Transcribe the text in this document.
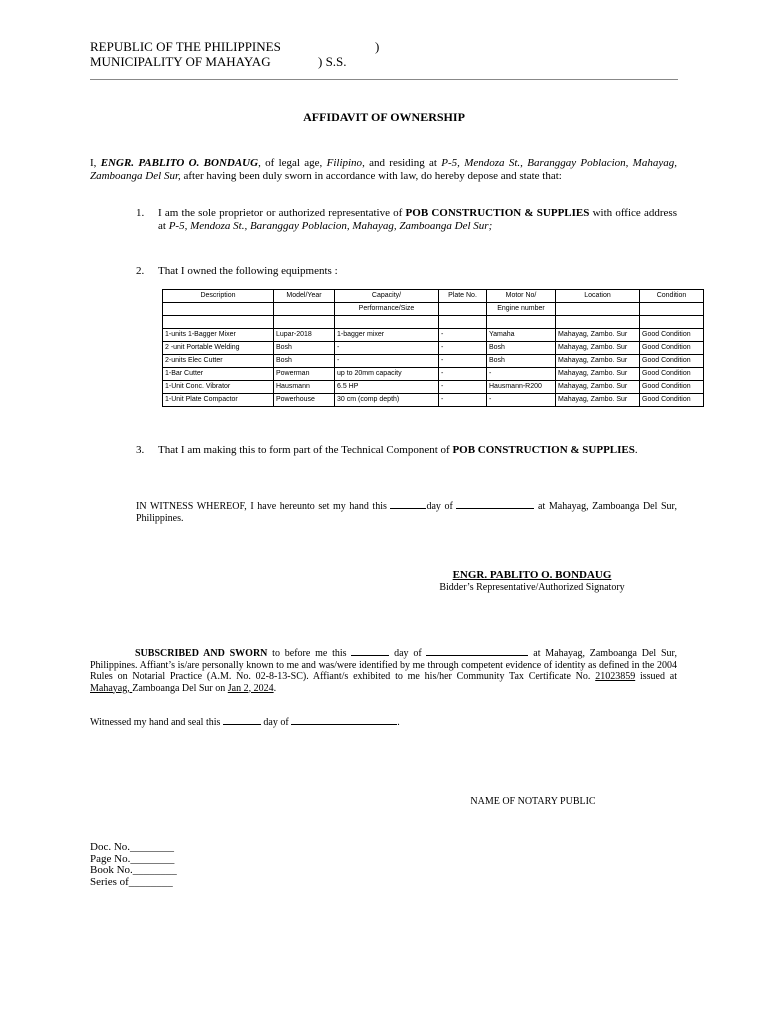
REPUBLIC OF THE PHILIPPINES	)
MUNICIPALITY OF MAHAYAG	) S.S.
AFFIDAVIT OF OWNERSHIP
I, ENGR. PABLITO O. BONDAUG, of legal age, Filipino, and residing at P-5, Mendoza St., Baranggay Poblacion, Mahayag, Zamboanga Del Sur, after having been duly sworn in accordance with law, do hereby depose and state that:
1. I am the sole proprietor or authorized representative of POB CONSTRUCTION & SUPPLIES with office address at P-5, Mendoza St., Baranggay Poblacion, Mahayag, Zamboanga Del Sur;
2. That I owned the following equipments :
Description	Model/Year	Capacity/	Plate No.	Motor No/	Location	Condition
		Performance/Size		Engine number		

1-units 1-Bagger Mixer	Lupar-2018	1-bagger mixer	-	Yamaha	Mahayag, Zambo. Sur	Good Condition
2 -unit Portable Welding	Bosh	-	-	Bosh	Mahayag, Zambo. Sur	Good Condition
2-units Elec Cutter	Bosh	-	-	Bosh	Mahayag, Zambo. Sur	Good Condition
1-Bar Cutter	Powerman	up to 20mm capacity	-	-	Mahayag, Zambo. Sur	Good Condition
1-Unit Conc. Vibrator	Hausmann	6.5 HP	-	Hausmann-R200	Mahayag, Zambo. Sur	Good Condition
1-Unit Plate Compactor	Powerhouse	30 cm (comp depth)	-	-	Mahayag, Zambo. Sur	Good Condition
3. That I am making this to form part of the Technical Component of POB CONSTRUCTION & SUPPLIES.
IN WITNESS WHEREOF, I have hereunto set my hand this	day of	at Mahayag, Zamboanga Del Sur, Philippines.
ENGR. PABLITO O. BONDAUG
Bidder’s Representative/Authorized Signatory
SUBSCRIBED AND SWORN to before me this	day of	at Mahayag, Zamboanga Del Sur, Philippines. Affiant’s is/are personally known to me and was/were identified by me through competent evidence of identity as defined in the 2004 Rules on Notarial Practice (A.M. No. 02-8-13-SC). Affiant/s exhibited to me his/her Community Tax Certificate No. 21023859 issued at Mahayag, Zamboanga Del Sur on Jan 2, 2024.
Witnessed my hand and seal this	day of	.
NAME OF NOTARY PUBLIC
Doc. No.________
Page No.________
Book No.________
Series of________
